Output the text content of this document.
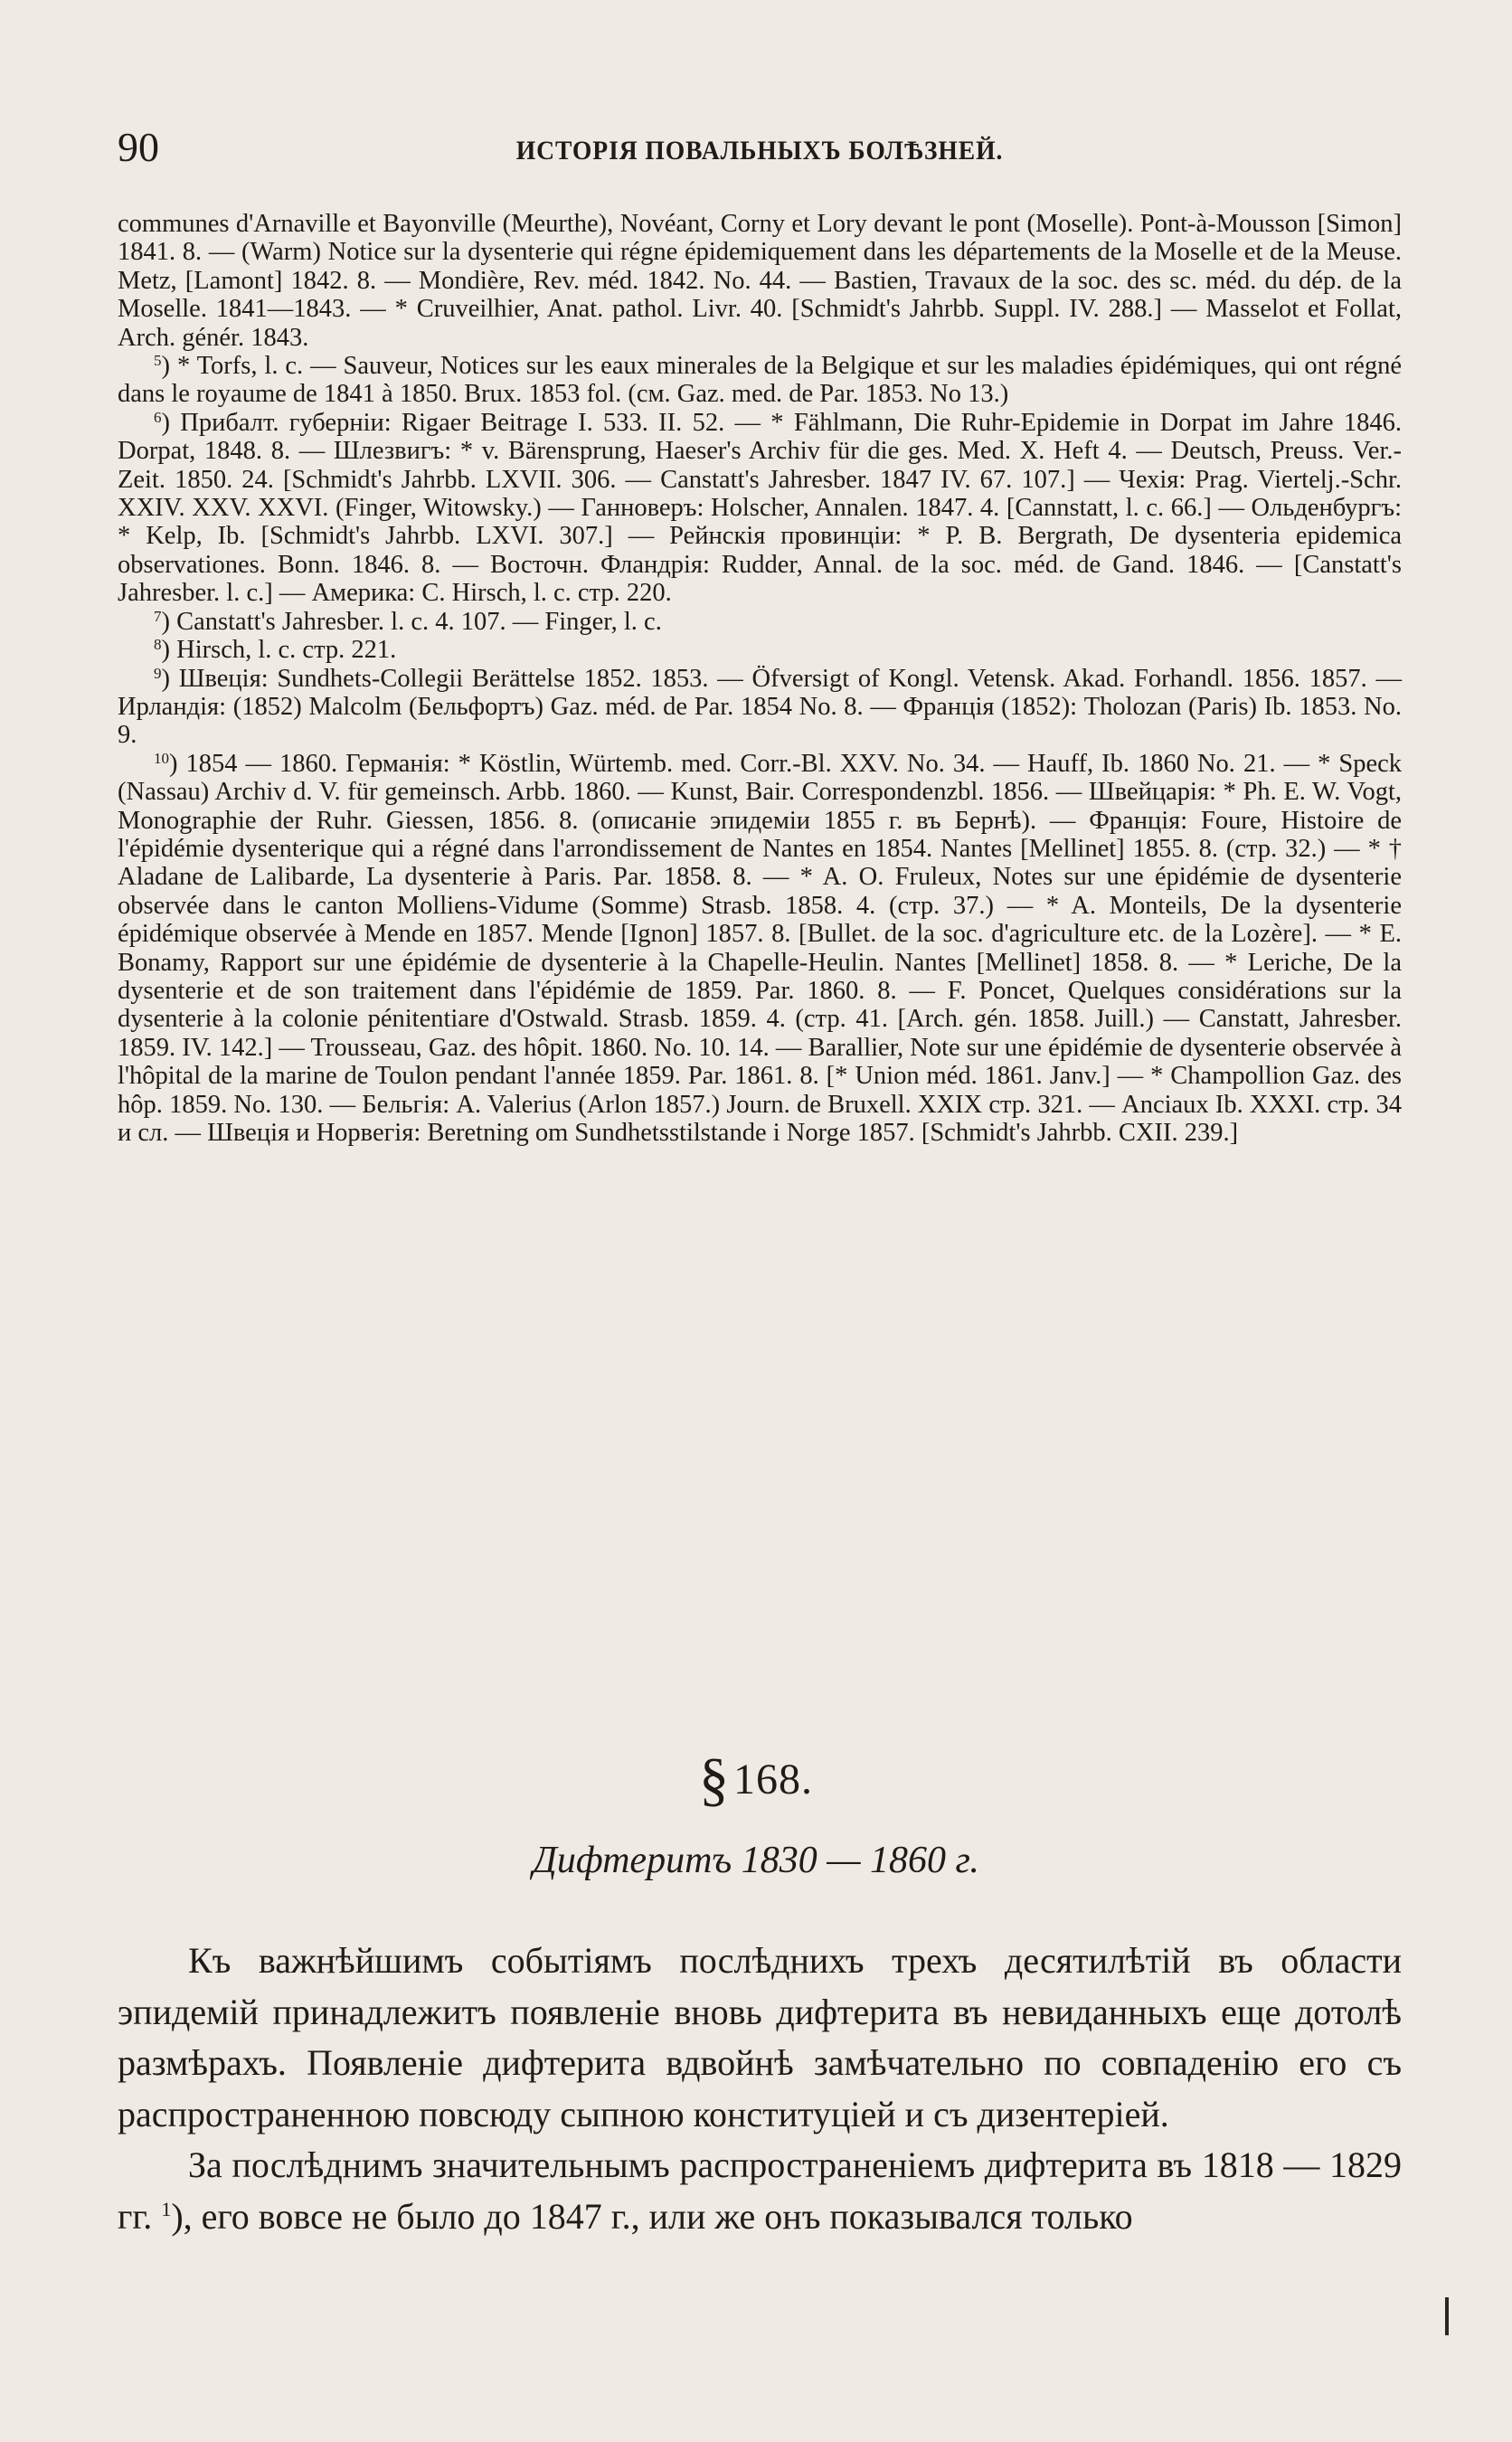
90	ИСТОРІЯ ПОВАЛЬНЫХЪ БОЛѢЗНЕЙ.

communes d'Arnaville et Bayonville (Meurthe), Novéant, Corny et Lory devant le pont (Moselle). Pont-à-Mousson [Simon] 1841. 8. — (Warm) Notice sur la dysenterie qui régne épidemiquement dans les départements de la Moselle et de la Meuse. Metz, [Lamont] 1842. 8. — Mondière, Rev. méd. 1842. No. 44. — Bastien, Travaux de la soc. des sc. méd. du dép. de la Moselle. 1841—1843. — * Cruveilhier, Anat. pathol. Livr. 40. [Schmidt's Jahrbb. Suppl. IV. 288.] — Masselot et Follat, Arch. génér. 1843.

$^5$) * Torfs, l. c. — Sauveur, Notices sur les eaux minerales de la Belgique et sur les maladies épidémiques, qui ont régné dans le royaume de 1841 à 1850. Brux. 1853 fol. (см. Gaz. med. de Par. 1853. No 13.)

$^6$) Прибалт. губерніи: Rigaer Beitrage I. 533. II. 52. — * Fählmann, Die Ruhr-Epidemie in Dorpat im Jahre 1846. Dorpat, 1848. 8. — Шлезвигъ: * v. Bärensprung, Haeser's Archiv für die ges. Med. X. Heft 4. — Deutsch, Preuss. Ver.-Zeit. 1850. 24. [Schmidt's Jahrbb. LXVII. 306. — Canstatt's Jahresber. 1847 IV. 67. 107.] — Чехія: Prag. Viertelj.-Schr. XXIV. XXV. XXVI. (Finger, Witowsky.) — Ганноверъ: Holscher, Annalen. 1847. 4. [Cannstatt, l. c. 66.] — Ольденбургъ: * Kelp, Ib. [Schmidt's Jahrbb. LXVI. 307.] — Рейнскія провинціи: * P. B. Bergrath, De dysenteria epidemica observationes. Bonn. 1846. 8. — Восточн. Фландрія: Rudder, Annal. de la soc. méd. de Gand. 1846. — [Canstatt's Jahresber. l. c.] — Америка: C. Hirsch, l. c. стр. 220.

$^7$) Canstatt's Jahresber. l. c. 4. 107. — Finger, l. c.

$^8$) Hirsch, l. c. стр. 221.

$^9$) Швеція: Sundhets-Collegii Berättelse 1852. 1853. — Öfversigt of Kongl. Vetensk. Akad. Forhandl. 1856. 1857. — Ирландія: (1852) Malcolm (Бельфортъ) Gaz. méd. de Par. 1854 No. 8. — Франція (1852): Tholozan (Paris) Ib. 1853. No. 9.

$^{10}$) 1854 — 1860. Германія: * Köstlin, Würtemb. med. Corr.-Bl. XXV. No. 34. — Hauff, Ib. 1860 No. 21. — * Speck (Nassau) Archiv d. V. für gemeinsch. Arbb. 1860. — Kunst, Bair. Correspondenzbl. 1856. — Швейцарія: * Ph. E. W. Vogt, Monographie der Ruhr. Giessen, 1856. 8. (описаніе эпидеміи 1855 г. въ Бернѣ). — Франція: Foure, Histoire de l'épidémie dysenterique qui a régné dans l'arrondissement de Nantes en 1854. Nantes [Mellinet] 1855. 8. (стр. 32.) — * † Aladane de Lalibarde, La dysenterie à Paris. Par. 1858. 8. — * A. O. Fruleux, Notes sur une épidémie de dysenterie observée dans le canton Molliens-Vidume (Somme) Strasb. 1858. 4. (стр. 37.) — * A. Monteils, De la dysenterie épidémique observée à Mende en 1857. Mende [Ignon] 1857. 8. [Bullet. de la soc. d'agriculture etc. de la Lozère]. — * E. Bonamy, Rapport sur une épidémie de dysenterie à la Chapelle-Heulin. Nantes [Mellinet] 1858. 8. — * Leriche, De la dysenterie et de son traitement dans l'épidémie de 1859. Par. 1860. 8. — F. Poncet, Quelques considérations sur la dysenterie à la colonie pénitentiare d'Ostwald. Strasb. 1859. 4. (стр. 41. [Arch. gén. 1858. Juill.) — Canstatt, Jahresber. 1859. IV. 142.] — Trousseau, Gaz. des hôpit. 1860. No. 10. 14. — Barallier, Note sur une épidémie de dysenterie observée à l'hôpital de la marine de Toulon pendant l'année 1859. Par. 1861. 8. [* Union méd. 1861. Janv.] — * Champollion Gaz. des hôp. 1859. No. 130. — Бельгія: A. Valerius (Arlon 1857.) Journ. de Bruxell. XXIX стр. 321. — Anciaux Ib. XXXI. стр. 34 и сл. — Швеція и Норвегія: Beretning om Sundhetsstilstande i Norge 1857. [Schmidt's Jahrbb. CXII. 239.]

§168.
Дифтеритъ 1830 — 1860 г.

Къ важнѣйшимъ событіямъ послѣднихъ трехъ десятилѣтій въ области эпидемій принадлежитъ появленіе вновь дифтерита въ невиданныхъ еще дотолѣ размѣрахъ. Появленіе дифтерита вдвойнѣ замѣчательно по совпаденію его съ распространенною повсюду сыпною конституціей и съ дизентеріей.

За послѣднимъ значительнымъ распространеніемъ дифтерита въ 1818 — 1829 гг. $^1$), его вовсе не было до 1847 г., или же онъ показывался только
